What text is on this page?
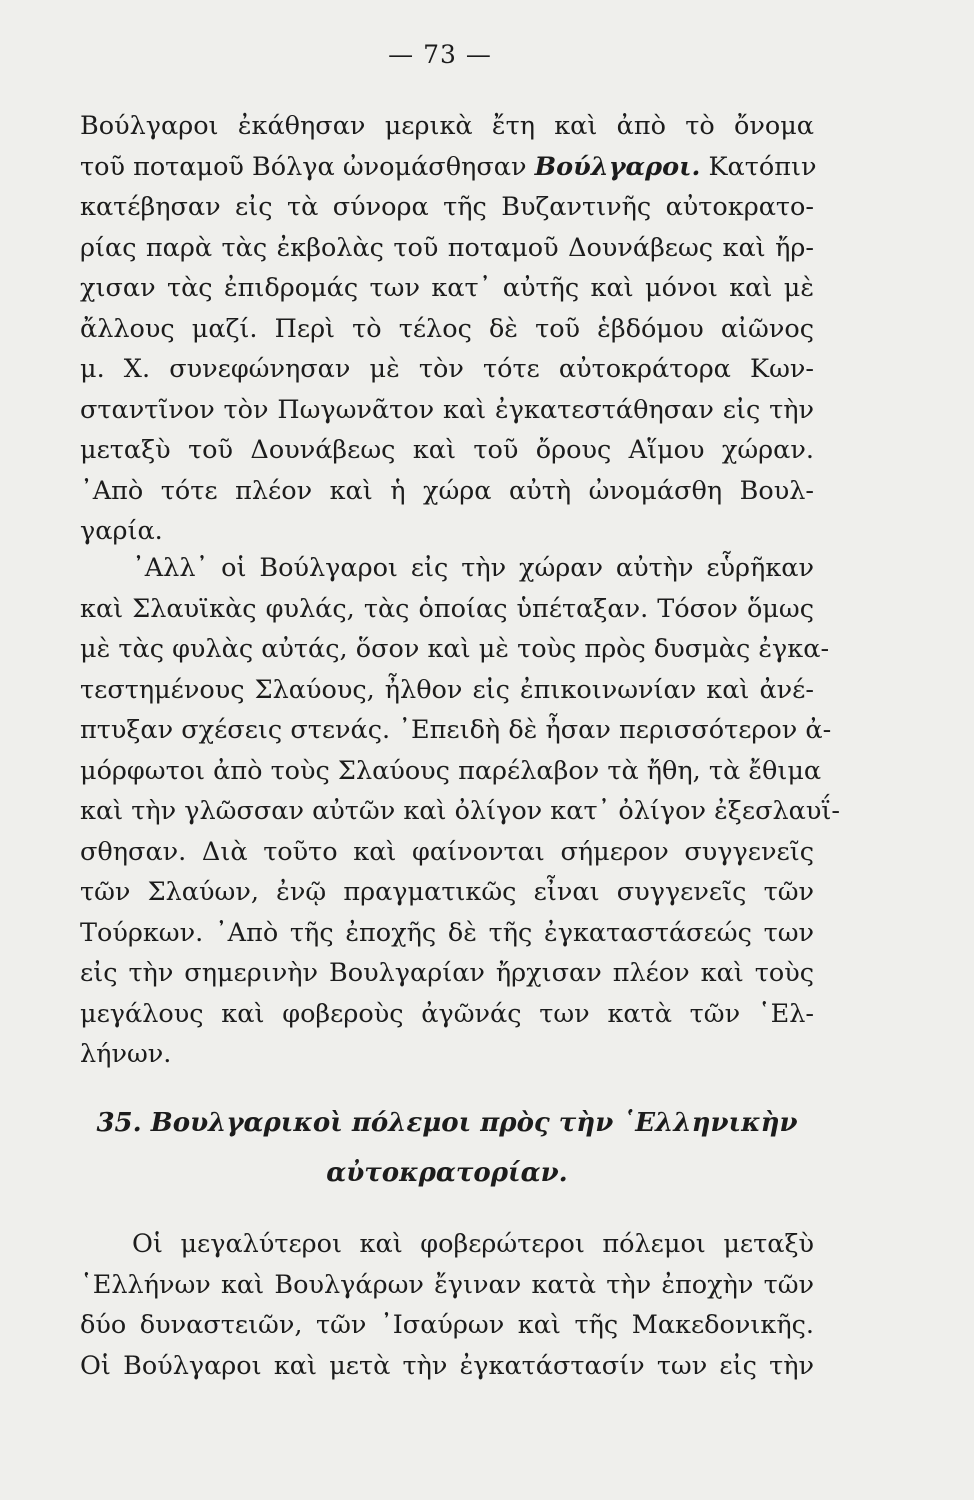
— 73 —
Βούλγαροι ἐκάθησαν μερικὰ ἔτη καὶ ἀπὸ τὸ ὄνομα
τοῦ ποταμοῦ Βόλγα ὠνομάσθησαν Βούλγαροι. Κατόπιν
κατέβησαν εἰς τὰ σύνορα τῆς Βυζαντινῆς αὐτοκρατο-
ρίας παρὰ τὰς ἐκβολὰς τοῦ ποταμοῦ Δουνάβεως καὶ ἤρ-
χισαν τὰς ἐπιδρομάς των κατ᾽ αὐτῆς καὶ μόνοι καὶ μὲ
ἄλλους μαζί. Περὶ τὸ τέλος δὲ τοῦ ἑβδόμου αἰῶνος
μ. Χ. συνεφώνησαν μὲ τὸν τότε αὐτοκράτορα Κων-
σταντῖνον τὸν Πωγωνᾶτον καὶ ἐγκατεστάθησαν εἰς τὴν
μεταξὺ τοῦ Δουνάβεως καὶ τοῦ ὄρους Αἵμου χώραν.
᾿Απὸ τότε πλέον καὶ ἡ χώρα αὐτὴ ὠνομάσθη Βουλ-
γαρία.
᾿Αλλ᾽ οἱ Βούλγαροι εἰς τὴν χώραν αὐτὴν εὗρῆκαν
καὶ Σλαυϊκὰς φυλάς, τὰς ὁποίας ὑπέταξαν. Τόσον ὅμως
μὲ τὰς φυλὰς αὐτάς, ὅσον καὶ μὲ τοὺς πρὸς δυσμὰς ἐγκα-
τεστημένους Σλαύους, ἦλθον εἰς ἐπικοινωνίαν καὶ ἀνέ-
πτυξαν σχέσεις στενάς. ᾿Επειδὴ δὲ ἦσαν περισσότερον ἀ-
μόρφωτοι ἀπὸ τοὺς Σλαύους παρέλαβον τὰ ἤθη, τὰ ἔθιμα
καὶ τὴν γλῶσσαν αὐτῶν καὶ ὀλίγον κατ᾽ ὀλίγον ἐξεσλαυΐ-
σθησαν. Διὰ τοῦτο καὶ φαίνονται σήμερον συγγενεῖς
τῶν Σλαύων, ἐνῷ πραγματικῶς εἶναι συγγενεῖς τῶν
Τούρκων. ᾿Απὸ τῆς ἐποχῆς δὲ τῆς ἐγκαταστάσεώς των
εἰς τὴν σημερινὴν Βουλγαρίαν ἤρχισαν πλέον καὶ τοὺς
μεγάλους καὶ φοβεροὺς ἀγῶνάς των κατὰ τῶν ῾Ελ-
λήνων.
35. Βουλγαρικοὶ πόλεμοι πρὸς τὴν ῾Ελληνικὴν
αὐτοκρατορίαν.
Οἱ μεγαλύτεροι καὶ φοβερώτεροι πόλεμοι μεταξὺ
῾Ελλήνων καὶ Βουλγάρων ἔγιναν κατὰ τὴν ἐποχὴν τῶν
δύο δυναστειῶν, τῶν ᾿Ισαύρων καὶ τῆς Μακεδονικῆς.
Οἱ Βούλγαροι καὶ μετὰ τὴν ἐγκατάστασίν των εἰς τὴν
